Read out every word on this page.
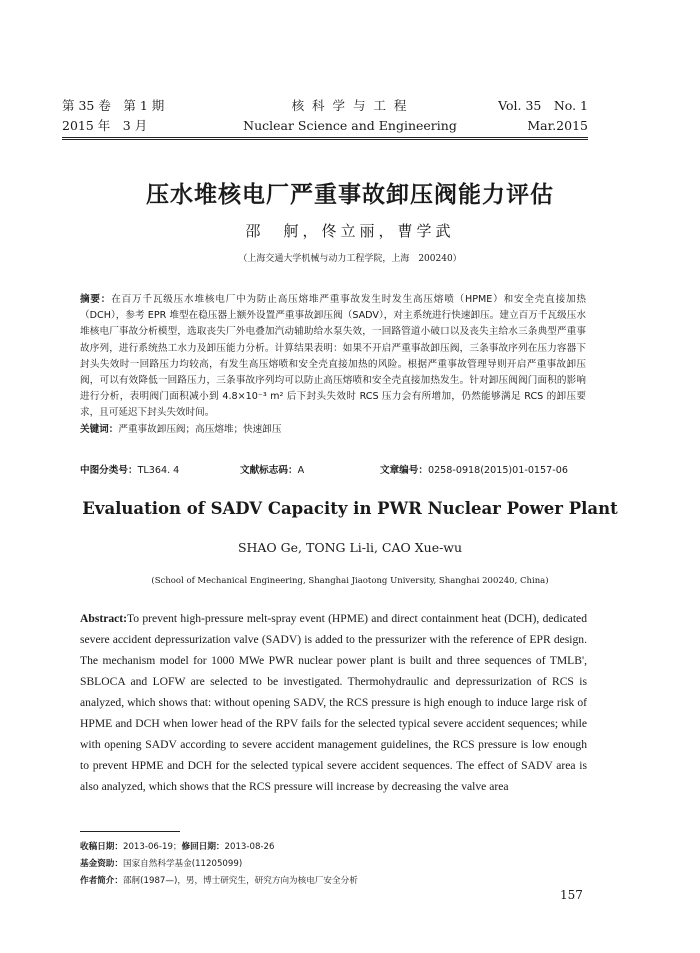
第 35 卷　第 1 期
2015 年　3 月
核 科 学 与 工 程
Nuclear Science and Engineering
Vol. 35　No. 1
Mar.2015
压水堆核电厂严重事故卸压阀能力评估
邵　舸，佟立丽，曹学武
（上海交通大学机械与动力工程学院，上海　200240）
摘要：在百万千瓦级压水堆核电厂中为防止高压熔堆严重事故发生时发生高压熔喷（HPME）和安全壳直接加热（DCH），参考 EPR 堆型在稳压器上额外设置严重事故卸压阀（SADV），对主系统进行快速卸压。建立百万千瓦级压水堆核电厂事故分析模型，选取丧失厂外电叠加汽动辅助给水泵失效，一回路管道小破口以及丧失主给水三条典型严重事故序列，进行系统热工水力及卸压能力分析。计算结果表明：如果不开启严重事故卸压阀，三条事故序列在压力容器下封头失效时一回路压力均较高，有发生高压熔喷和安全壳直接加热的风险。根据严重事故管理导则开启严重事故卸压阀，可以有效降低一回路压力，三条事故序列均可以防止高压熔喷和安全壳直接加热发生。针对卸压阀阀门面积的影响进行分析，表明阀门面积减小到 4.8×10⁻³ m² 后下封头失效时 RCS 压力会有所增加，仍然能够满足 RCS 的卸压要求，且可延迟下封头失效时间。
关键词：严重事故卸压阀；高压熔堆；快速卸压
中图分类号：TL364. 4	文献标志码：A	文章编号：0258-0918(2015)01-0157-06
Evaluation of SADV Capacity in PWR Nuclear Power Plant
SHAO Ge, TONG Li-li, CAO Xue-wu
(School of Mechanical Engineering, Shanghai Jiaotong University, Shanghai 200240, China)
Abstract:To prevent high-pressure melt-spray event (HPME) and direct containment heat (DCH), dedicated severe accident depressurization valve (SADV) is added to the pressurizer with the reference of EPR design. The mechanism model for 1000 MWe PWR nuclear power plant is built and three sequences of TMLB', SBLOCA and LOFW are selected to be investigated. Thermohydraulic and depressurization of RCS is analyzed, which shows that: without opening SADV, the RCS pressure is high enough to induce large risk of HPME and DCH when lower head of the RPV fails for the selected typical severe accident sequences; while with opening SADV according to severe accident management guidelines, the RCS pressure is low enough to prevent HPME and DCH for the selected typical severe accident sequences. The effect of SADV area is also analyzed, which shows that the RCS pressure will increase by decreasing the valve area
收稿日期：2013-06-19；修回日期：2013-08-26
基金资助：国家自然科学基金(11205099)
作者简介：邵舸(1987—)，男，博士研究生，研究方向为核电厂安全分析
157
